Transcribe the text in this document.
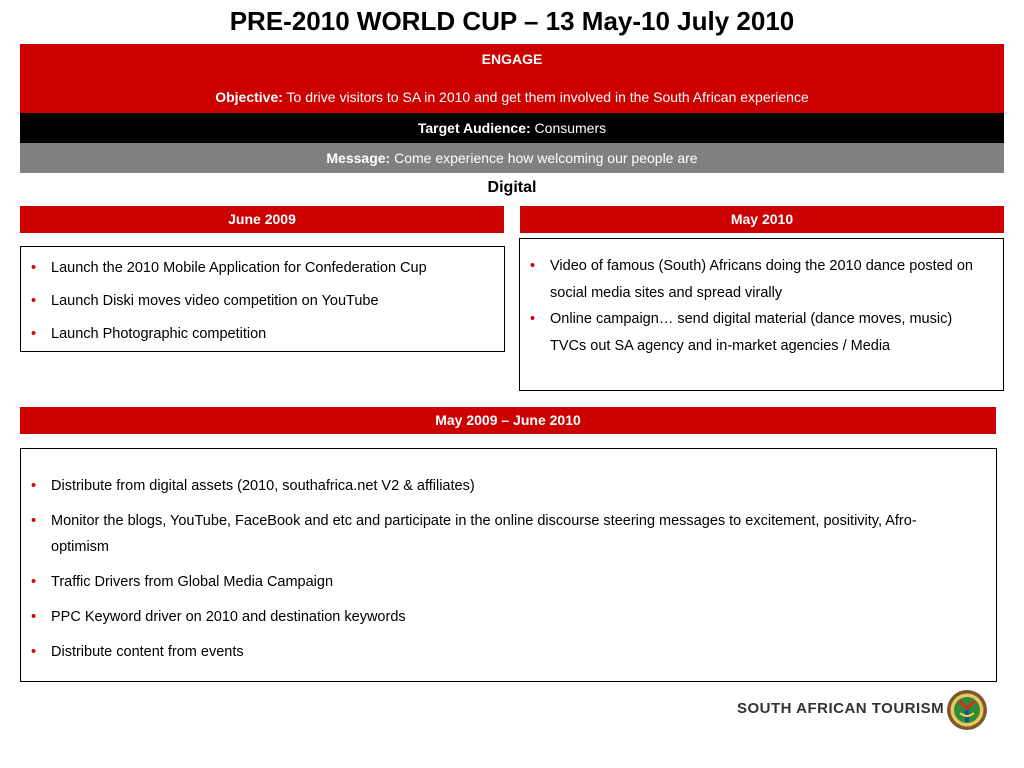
PRE-2010 WORLD CUP – 13 May-10 July 2010
ENGAGE
Objective: To drive visitors to SA in 2010 and get them involved in the South African experience
Target Audience: Consumers
Message: Come experience how welcoming our people are
Digital
June 2009
• Launch the 2010 Mobile Application for Confederation Cup
• Launch Diski moves video competition on YouTube
• Launch Photographic competition
May 2010
• Video of famous (South) Africans doing the 2010 dance posted on social media sites and spread virally
• Online campaign… send digital material (dance moves, music) TVCs out SA agency and in-market agencies / Media
May 2009 – June 2010
• Distribute from digital assets (2010, southafrica.net V2 & affiliates)
• Monitor the blogs, YouTube, FaceBook and etc and participate in the online discourse steering messages to excitement, positivity, Afro-optimism
• Traffic Drivers from Global Media Campaign
• PPC Keyword driver on 2010 and destination keywords
• Distribute content from events
SOUTH AFRICAN TOURISM
